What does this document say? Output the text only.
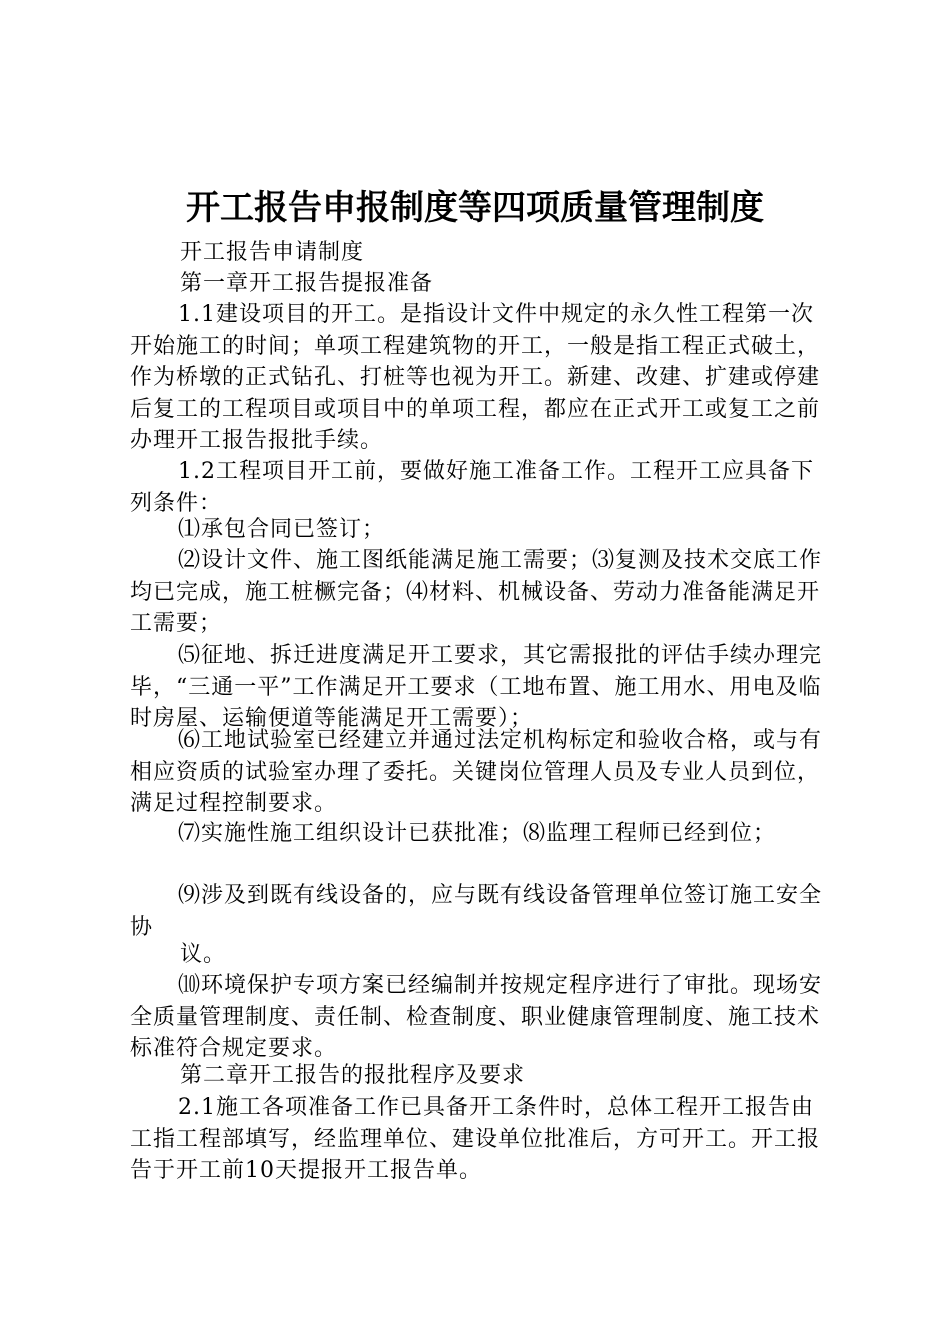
开工报告申报制度等四项质量管理制度
开工报告申请制度
第一章开工报告提报准备
1.1建设项目的开工。是指设计文件中规定的永久性工程第一次开始施工的时间；单项工程建筑物的开工，一般是指工程正式破土，作为桥墩的正式钻孔、打桩等也视为开工。新建、改建、扩建或停建后复工的工程项目或项目中的单项工程，都应在正式开工或复工之前办理开工报告报批手续。
1.2工程项目开工前，要做好施工准备工作。工程开工应具备下列条件：
⑴承包合同已签订；
⑵设计文件、施工图纸能满足施工需要；⑶复测及技术交底工作均已完成，施工桩橛完备；⑷材料、机械设备、劳动力准备能满足开工需要；
⑸征地、拆迁进度满足开工要求，其它需报批的评估手续办理完毕，“三通一平”工作满足开工要求（工地布置、施工用水、用电及临时房屋、运输便道等能满足开工需要）；
⑹工地试验室已经建立并通过法定机构标定和验收合格，或与有相应资质的试验室办理了委托。关键岗位管理人员及专业人员到位，满足过程控制要求。
⑺实施性施工组织设计已获批准；⑻监理工程师已经到位；
⑼涉及到既有线设备的，应与既有线设备管理单位签订施工安全协
议。
⑽环境保护专项方案已经编制并按规定程序进行了审批。现场安全质量管理制度、责任制、检查制度、职业健康管理制度、施工技术标准符合规定要求。
第二章开工报告的报批程序及要求
2.1施工各项准备工作已具备开工条件时，总体工程开工报告由工指工程部填写，经监理单位、建设单位批准后，方可开工。开工报告于开工前10天提报开工报告单。
